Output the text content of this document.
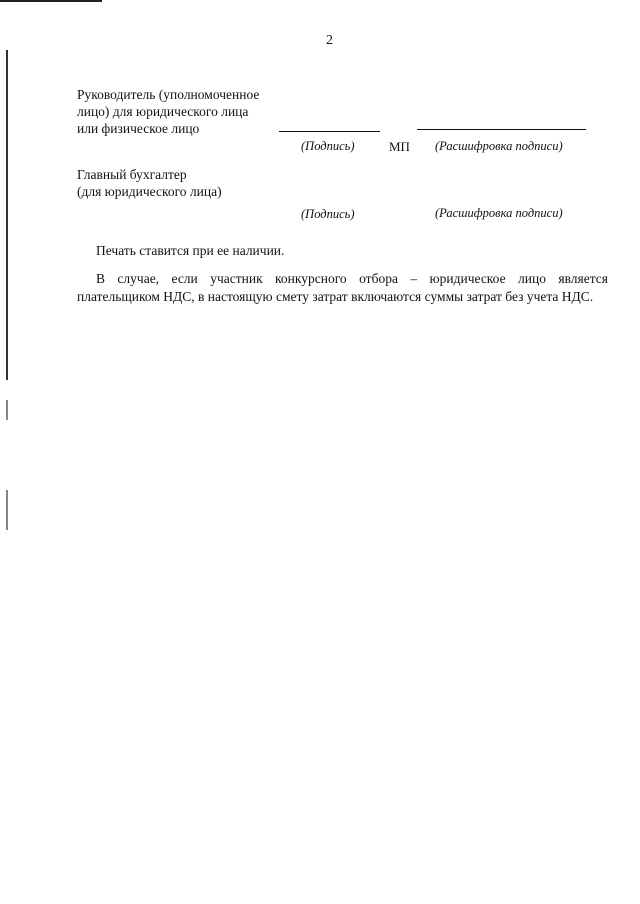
2
Руководитель (уполномоченное
лицо) для юридического лица
или физическое лицо
(Подпись)	МП (Расшифровка подписи)
Главный бухгалтер
(для юридического лица)
(Подпись)	(Расшифровка подписи)
Печать ставится при ее наличии.
В случае, если участник конкурсного отбора – юридическое лицо является плательщиком НДС, в настоящую смету затрат включаются суммы затрат без учета НДС.
